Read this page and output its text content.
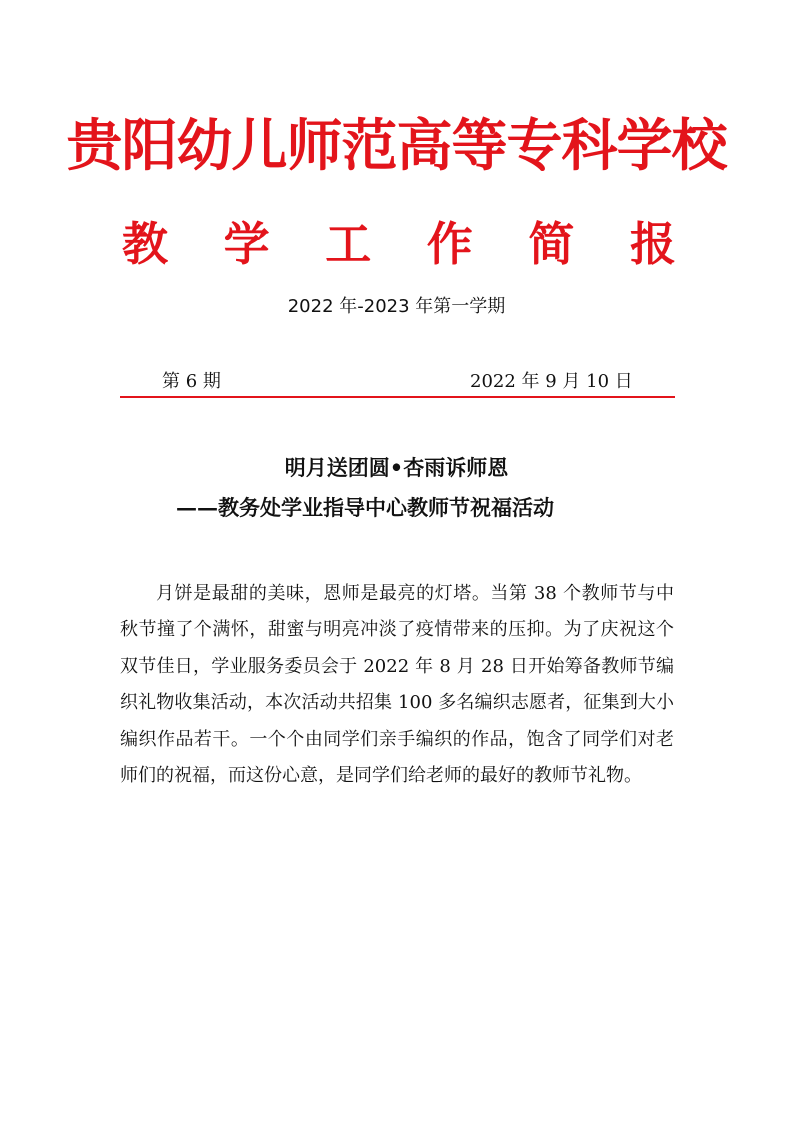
贵阳幼儿师范高等专科学校
教 学 工 作 简 报
2022 年-2023 年第一学期
第 6 期	2022 年 9 月 10 日
明月送团圆•杏雨诉师恩
——教务处学业指导中心教师节祝福活动

月饼是最甜的美味，恩师是最亮的灯塔。当第 38 个教师节与中秋节撞了个满怀，甜蜜与明亮冲淡了疫情带来的压抑。为了庆祝这个双节佳日，学业服务委员会于 2022 年 8 月 28 日开始筹备教师节编织礼物收集活动，本次活动共招集 100 多名编织志愿者，征集到大小编织作品若干。一个个由同学们亲手编织的作品，饱含了同学们对老师们的祝福，而这份心意，是同学们给老师的最好的教师节礼物。
